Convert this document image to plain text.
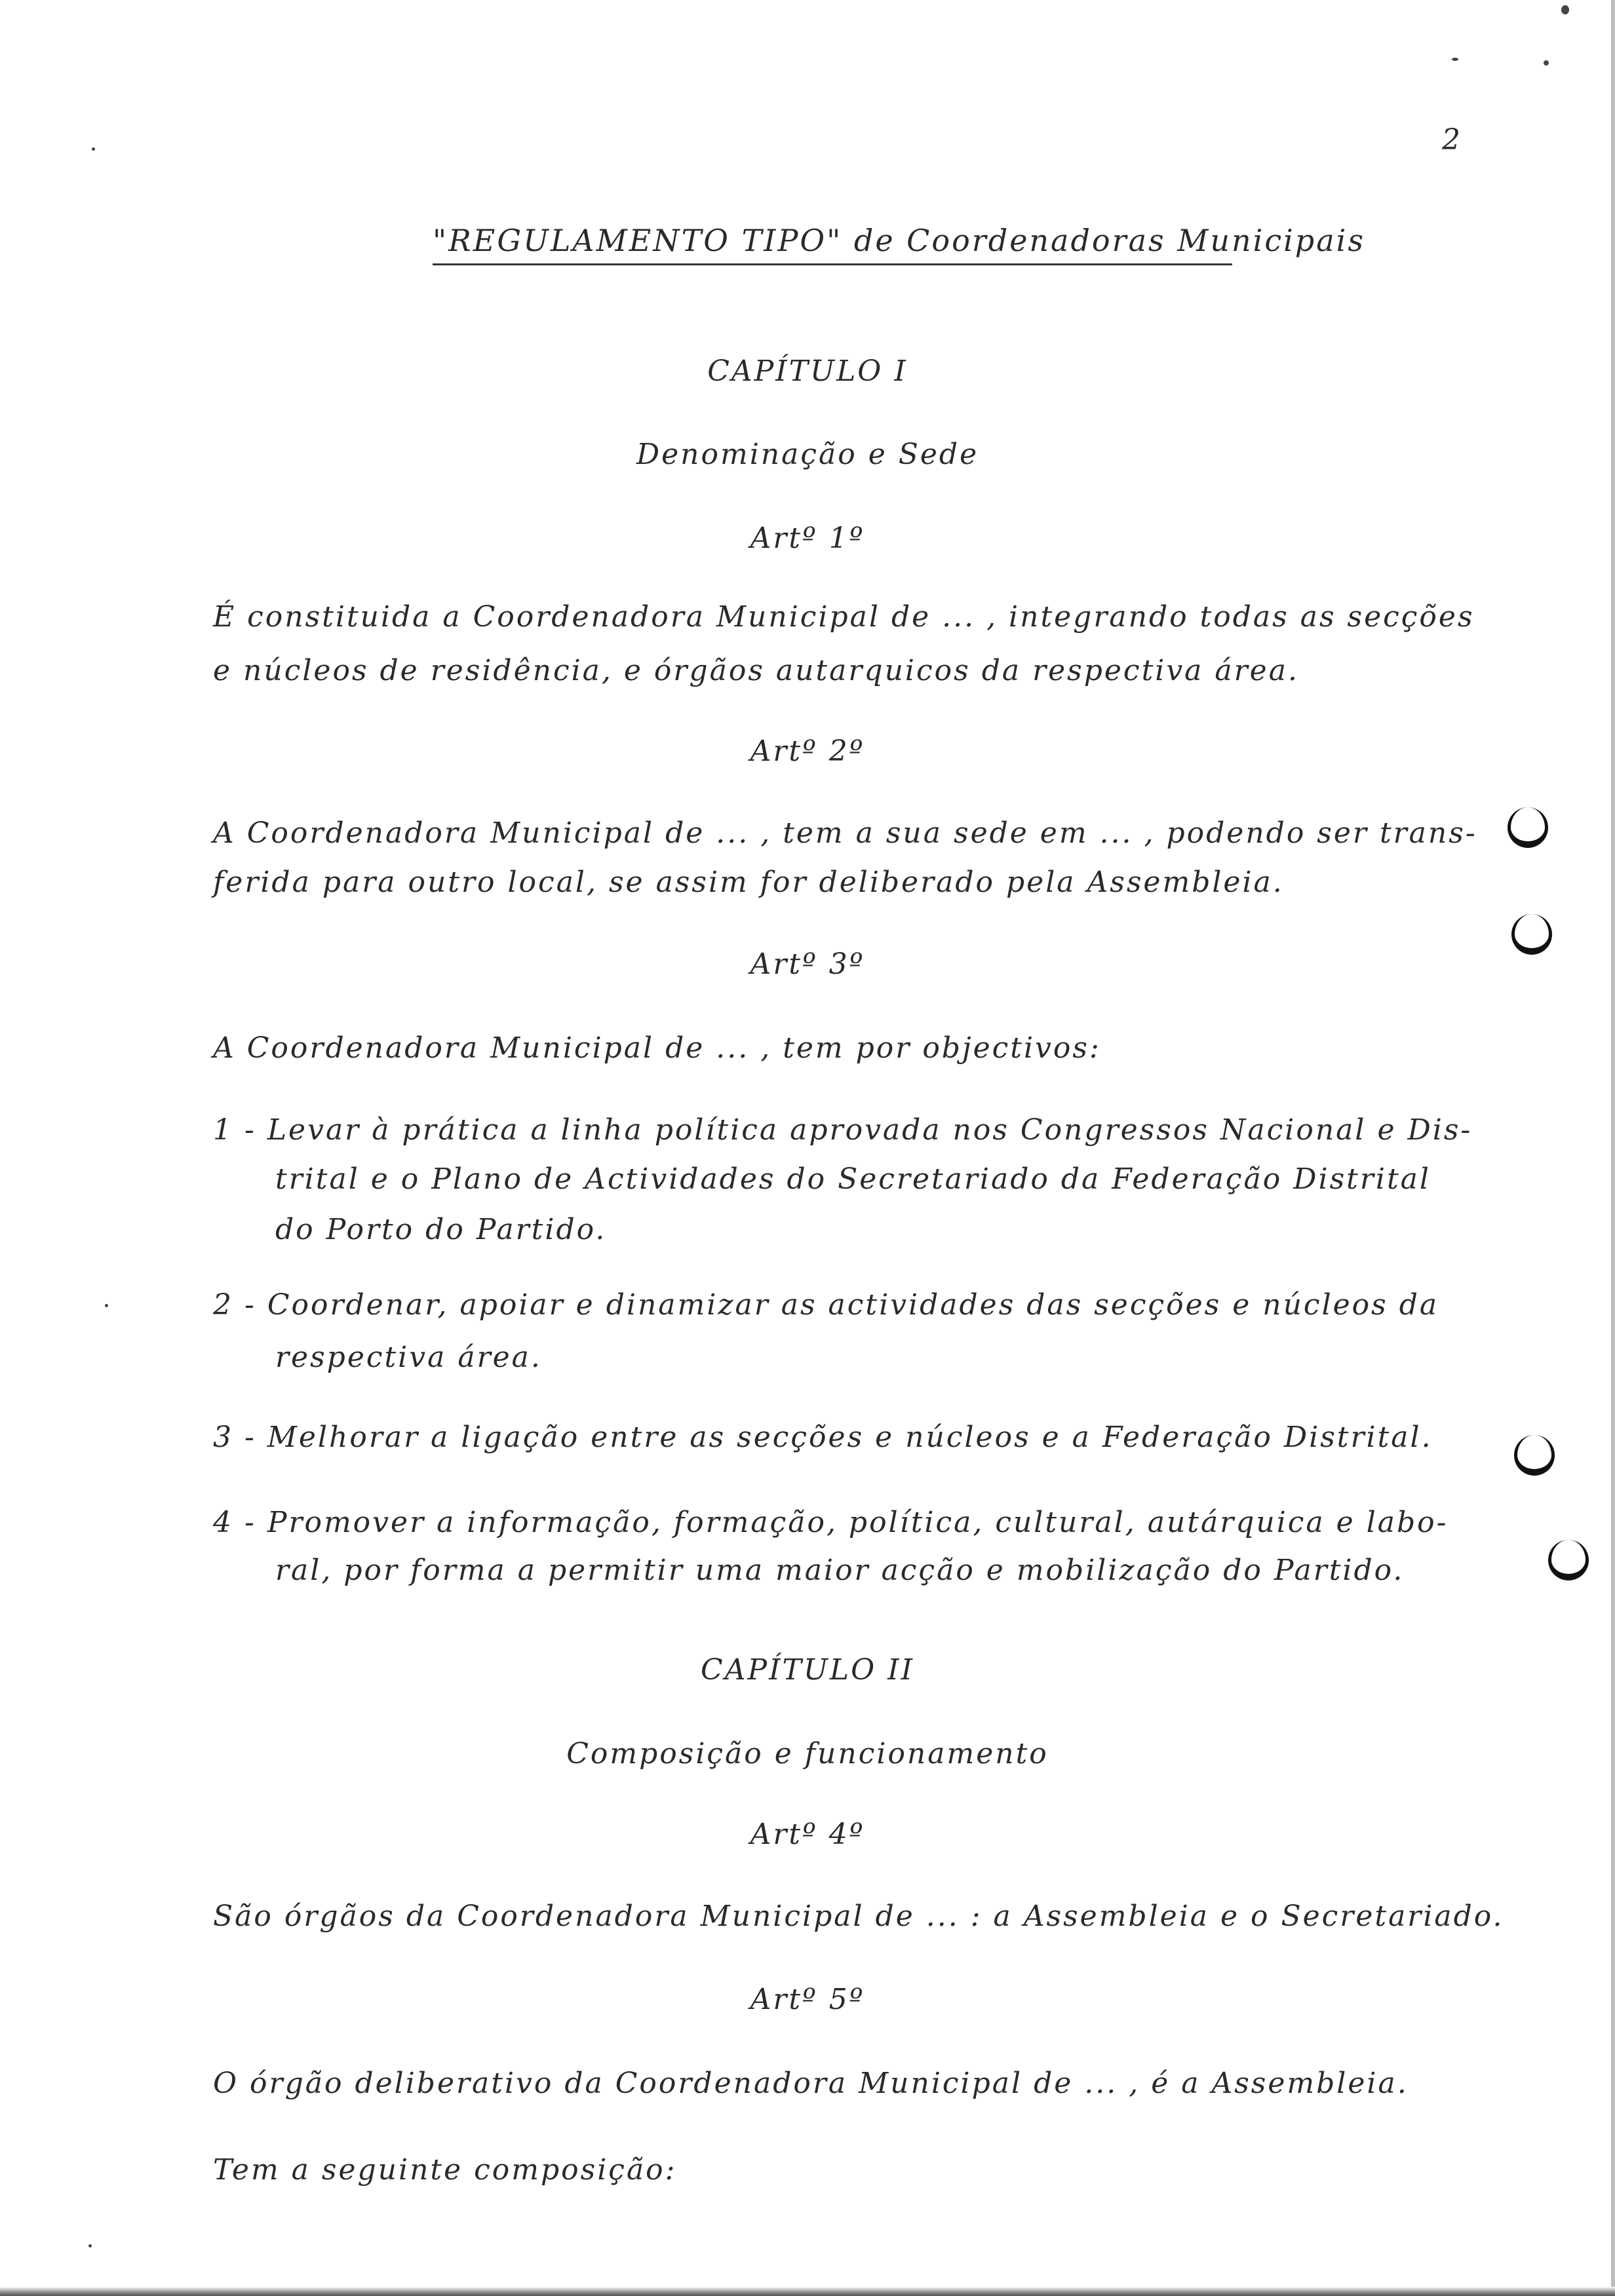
2
"REGULAMENTO TIPO" de Coordenadoras Municipais
CAPÍTULO I
Denominação e Sede
Artº 1º

É constituida a Coordenadora Municipal de ... , integrando todas as secções

e núcleos de residência, e órgãos autarquicos da respectiva área.

Artº 2º

A Coordenadora Municipal de ... , tem a sua sede em ... , podendo ser trans-

ferida para outro local, se assim for deliberado pela Assembleia.

Artº 3º

A Coordenadora Municipal de ... , tem por objectivos:

1 - Levar à prática a linha política aprovada nos Congressos Nacional e Dis-

trital e o Plano de Actividades do Secretariado da Federação Distrital

do Porto do Partido.

2 - Coordenar, apoiar e dinamizar as actividades das secções e núcleos da

respectiva área.

3 - Melhorar a ligação entre as secções e núcleos e a Federação Distrital.

4 - Promover a informação, formação, política, cultural, autárquica e labo-

ral, por forma a permitir uma maior acção e mobilização do Partido.

CAPÍTULO II
Composição e funcionamento
Artº 4º

São órgãos da Coordenadora Municipal de ... : a Assembleia e o Secretariado.

Artº 5º

O órgão deliberativo da Coordenadora Municipal de ... , é a Assembleia.

Tem a seguinte composição:
